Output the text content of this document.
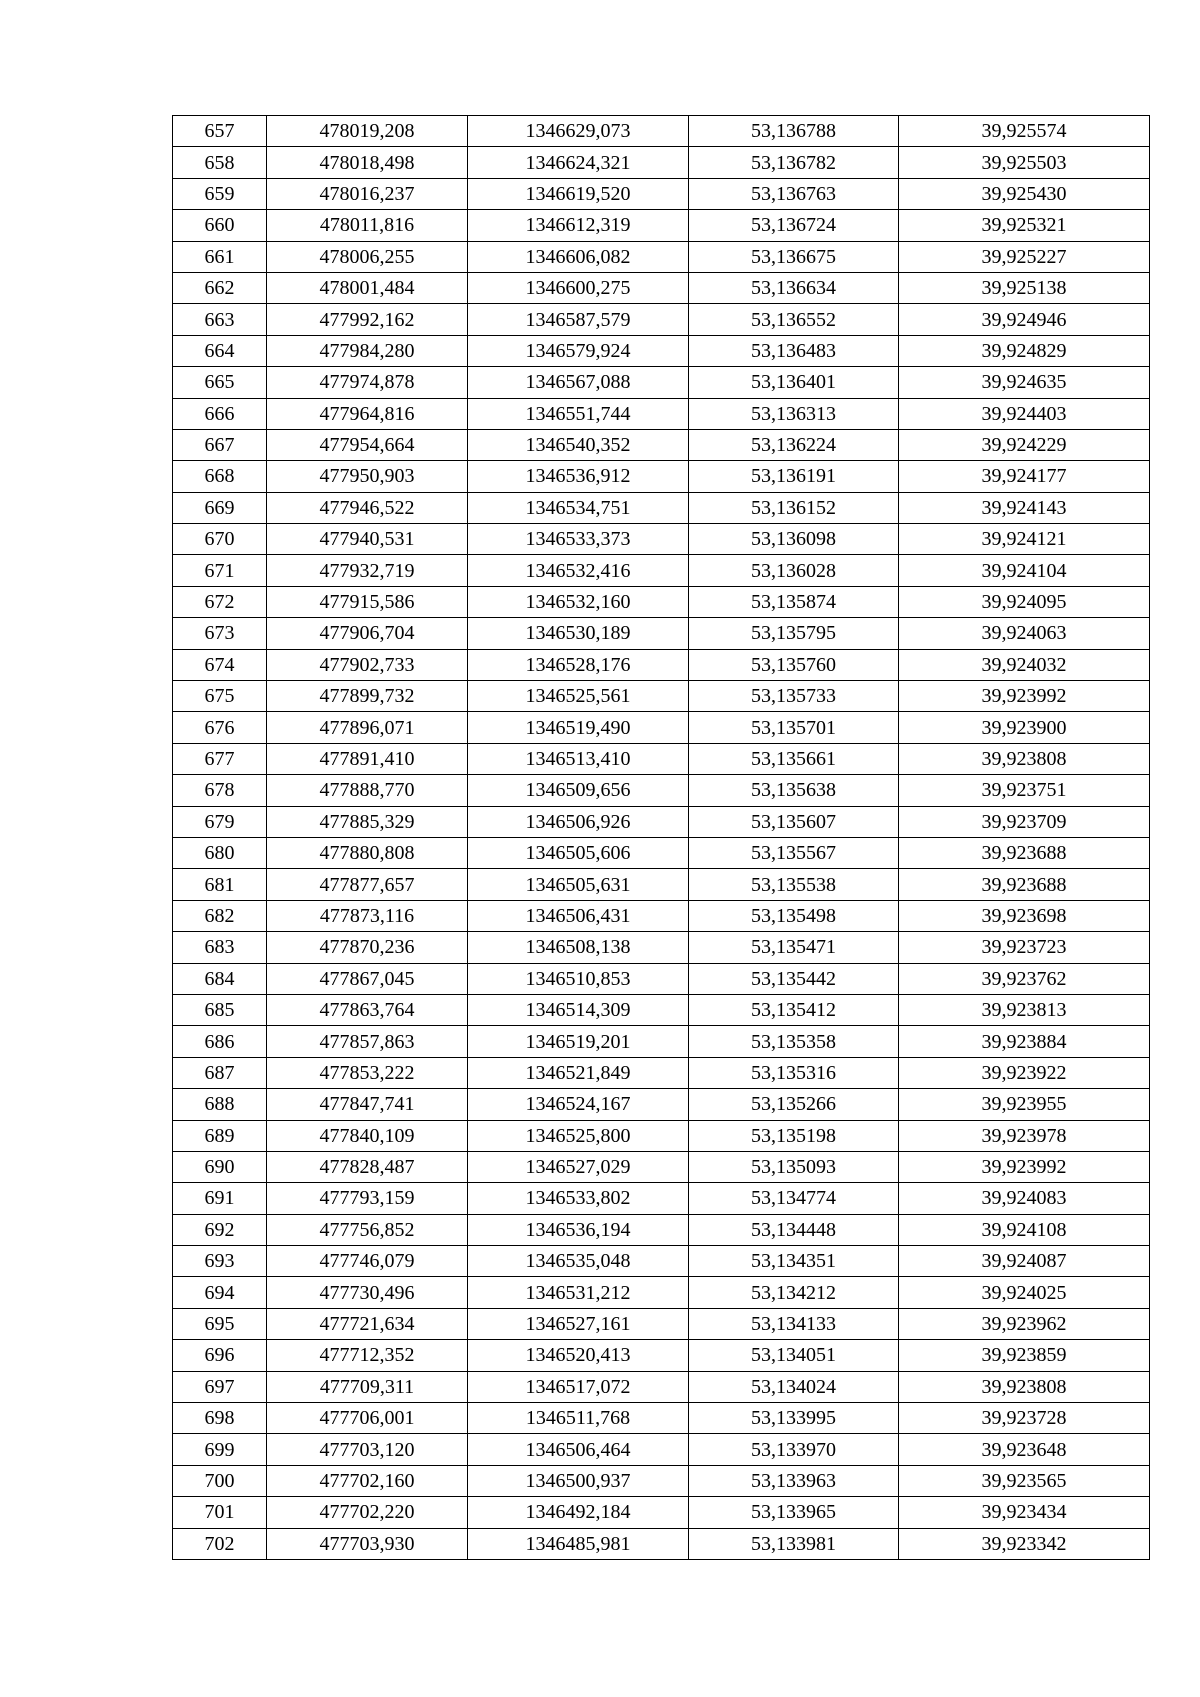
657	478019,208	1346629,073	53,136788	39,925574
658	478018,498	1346624,321	53,136782	39,925503
659	478016,237	1346619,520	53,136763	39,925430
660	478011,816	1346612,319	53,136724	39,925321
661	478006,255	1346606,082	53,136675	39,925227
662	478001,484	1346600,275	53,136634	39,925138
663	477992,162	1346587,579	53,136552	39,924946
664	477984,280	1346579,924	53,136483	39,924829
665	477974,878	1346567,088	53,136401	39,924635
666	477964,816	1346551,744	53,136313	39,924403
667	477954,664	1346540,352	53,136224	39,924229
668	477950,903	1346536,912	53,136191	39,924177
669	477946,522	1346534,751	53,136152	39,924143
670	477940,531	1346533,373	53,136098	39,924121
671	477932,719	1346532,416	53,136028	39,924104
672	477915,586	1346532,160	53,135874	39,924095
673	477906,704	1346530,189	53,135795	39,924063
674	477902,733	1346528,176	53,135760	39,924032
675	477899,732	1346525,561	53,135733	39,923992
676	477896,071	1346519,490	53,135701	39,923900
677	477891,410	1346513,410	53,135661	39,923808
678	477888,770	1346509,656	53,135638	39,923751
679	477885,329	1346506,926	53,135607	39,923709
680	477880,808	1346505,606	53,135567	39,923688
681	477877,657	1346505,631	53,135538	39,923688
682	477873,116	1346506,431	53,135498	39,923698
683	477870,236	1346508,138	53,135471	39,923723
684	477867,045	1346510,853	53,135442	39,923762
685	477863,764	1346514,309	53,135412	39,923813
686	477857,863	1346519,201	53,135358	39,923884
687	477853,222	1346521,849	53,135316	39,923922
688	477847,741	1346524,167	53,135266	39,923955
689	477840,109	1346525,800	53,135198	39,923978
690	477828,487	1346527,029	53,135093	39,923992
691	477793,159	1346533,802	53,134774	39,924083
692	477756,852	1346536,194	53,134448	39,924108
693	477746,079	1346535,048	53,134351	39,924087
694	477730,496	1346531,212	53,134212	39,924025
695	477721,634	1346527,161	53,134133	39,923962
696	477712,352	1346520,413	53,134051	39,923859
697	477709,311	1346517,072	53,134024	39,923808
698	477706,001	1346511,768	53,133995	39,923728
699	477703,120	1346506,464	53,133970	39,923648
700	477702,160	1346500,937	53,133963	39,923565
701	477702,220	1346492,184	53,133965	39,923434
702	477703,930	1346485,981	53,133981	39,923342
